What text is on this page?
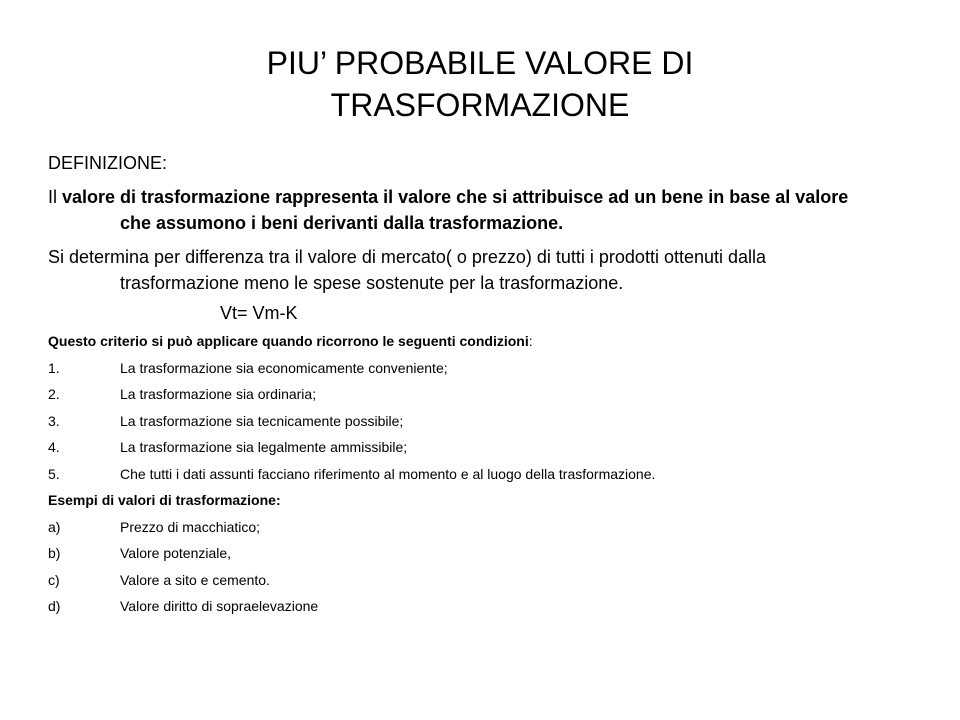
PIU’ PROBABILE VALORE DI
TRASFORMAZIONE

DEFINIZIONE:

Il valore di trasformazione rappresenta il valore che si attribuisce ad un bene in base al valore che assumono i beni derivanti dalla trasformazione.

Si determina per differenza tra il valore di mercato( o prezzo) di tutti i prodotti ottenuti dalla trasformazione meno le spese sostenute per la trasformazione.

Vt= Vm-K

Questo criterio si può applicare quando ricorrono le seguenti condizioni:

1.	La trasformazione sia economicamente conveniente;
2.	La trasformazione sia ordinaria;
3.	La trasformazione sia tecnicamente possibile;
4.	La trasformazione sia legalmente ammissibile;
5.	Che tutti i dati assunti facciano riferimento al momento e al luogo della trasformazione.

Esempi di valori di trasformazione:

a)	Prezzo di macchiatico;
b)	Valore potenziale,
c)	Valore a sito e cemento.
d)	Valore diritto di sopraelevazione
